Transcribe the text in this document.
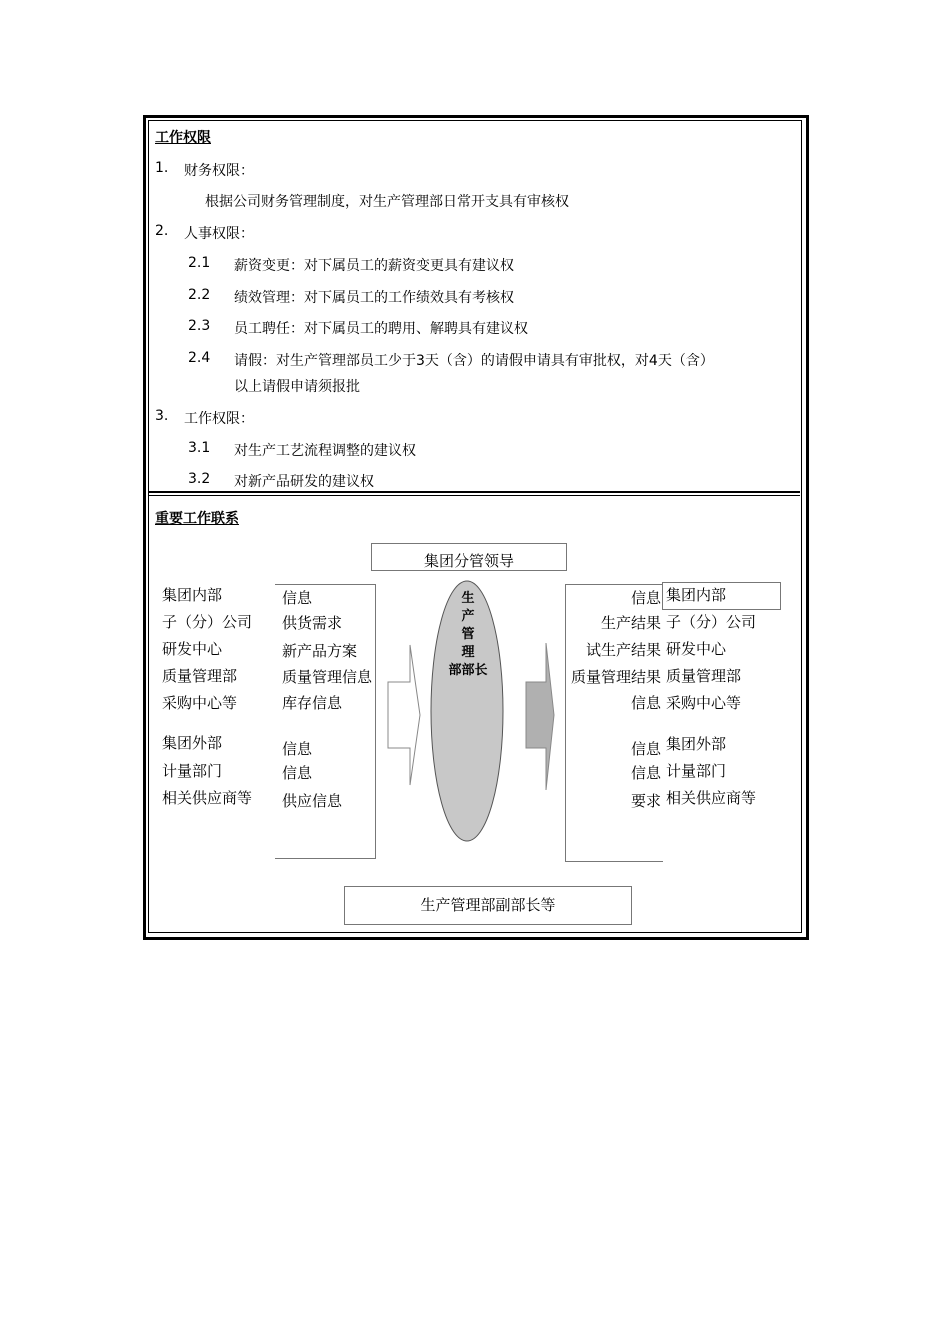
工作权限
1. 财务权限：
根据公司财务管理制度，对生产管理部日常开支具有审核权
2. 人事权限：
2.1 薪资变更：对下属员工的薪资变更具有建议权
2.2 绩效管理：对下属员工的工作绩效具有考核权
2.3 员工聘任：对下属员工的聘用、解聘具有建议权
2.4 请假：对生产管理部员工少于3天（含）的请假申请具有审批权，对4天（含）
以上请假申请须报批
3. 工作权限：
3.1 对生产工艺流程调整的建议权
3.2 对新产品研发的建议权
重要工作联系
集团分管领导
集团内部
子（分）公司
研发中心
质量管理部
采购中心等
集团外部
计量部门
相关供应商等
信息
供货需求
新产品方案
质量管理信息
库存信息
信息
信息
供应信息
生
产
管
理
部部长
信息
生产结果
试生产结果
质量管理结果
信息
信息
信息
要求
集团内部
子（分）公司
研发中心
质量管理部
采购中心等
集团外部
计量部门
相关供应商等
生产管理部副部长等
